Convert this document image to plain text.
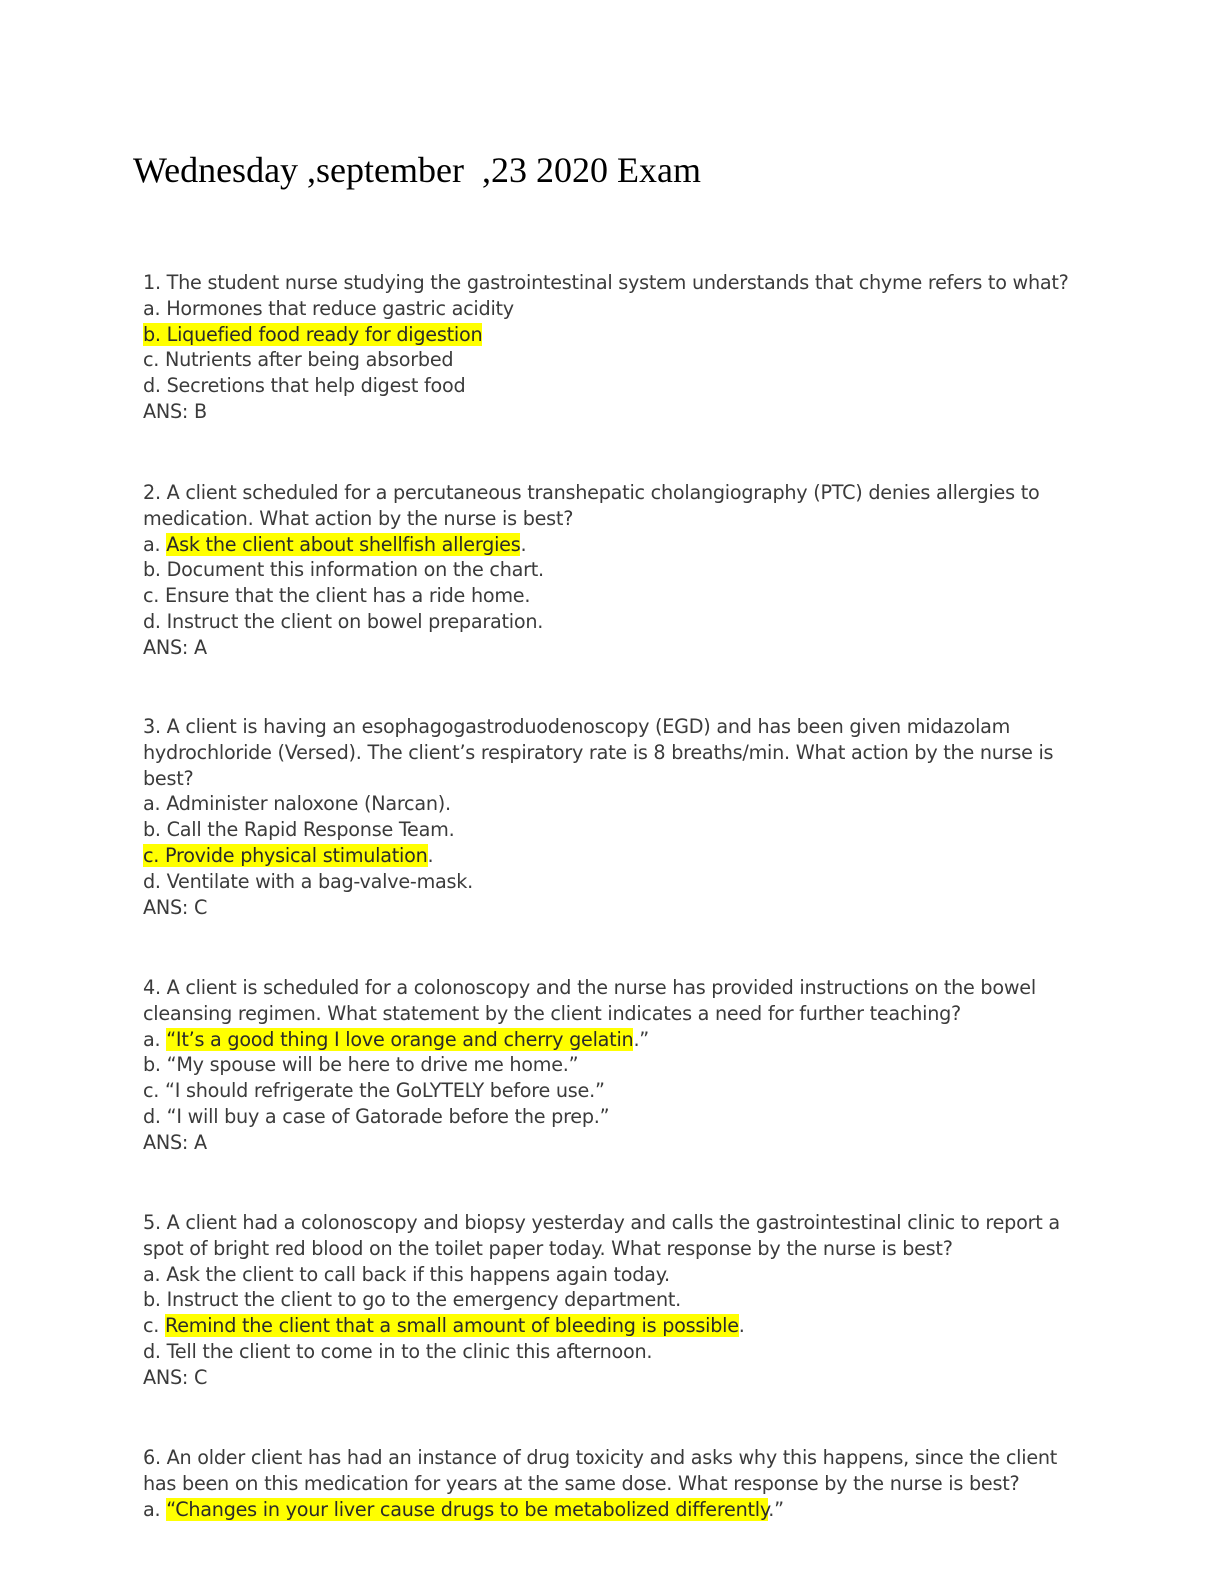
Wednesday ,september  ,23 2020 Exam
1. The student nurse studying the gastrointestinal system understands that chyme refers to what?
a. Hormones that reduce gastric acidity
b. Liquefied food ready for digestion
c. Nutrients after being absorbed
d. Secretions that help digest food
ANS: B
2. A client scheduled for a percutaneous transhepatic cholangiography (PTC) denies allergies to
medication. What action by the nurse is best?
a. Ask the client about shellfish allergies.
b. Document this information on the chart.
c. Ensure that the client has a ride home.
d. Instruct the client on bowel preparation.
ANS: A
3. A client is having an esophagogastroduodenoscopy (EGD) and has been given midazolam
hydrochloride (Versed). The client’s respiratory rate is 8 breaths/min. What action by the nurse is
best?
a. Administer naloxone (Narcan).
b. Call the Rapid Response Team.
c. Provide physical stimulation.
d. Ventilate with a bag-valve-mask.
ANS: C
4. A client is scheduled for a colonoscopy and the nurse has provided instructions on the bowel
cleansing regimen. What statement by the client indicates a need for further teaching?
a. “It’s a good thing I love orange and cherry gelatin.”
b. “My spouse will be here to drive me home.”
c. “I should refrigerate the GoLYTELY before use.”
d. “I will buy a case of Gatorade before the prep.”
ANS: A
5. A client had a colonoscopy and biopsy yesterday and calls the gastrointestinal clinic to report a
spot of bright red blood on the toilet paper today. What response by the nurse is best?
a. Ask the client to call back if this happens again today.
b. Instruct the client to go to the emergency department.
c. Remind the client that a small amount of bleeding is possible.
d. Tell the client to come in to the clinic this afternoon.
ANS: C
6. An older client has had an instance of drug toxicity and asks why this happens, since the client
has been on this medication for years at the same dose. What response by the nurse is best?
a. “Changes in your liver cause drugs to be metabolized differently.”
